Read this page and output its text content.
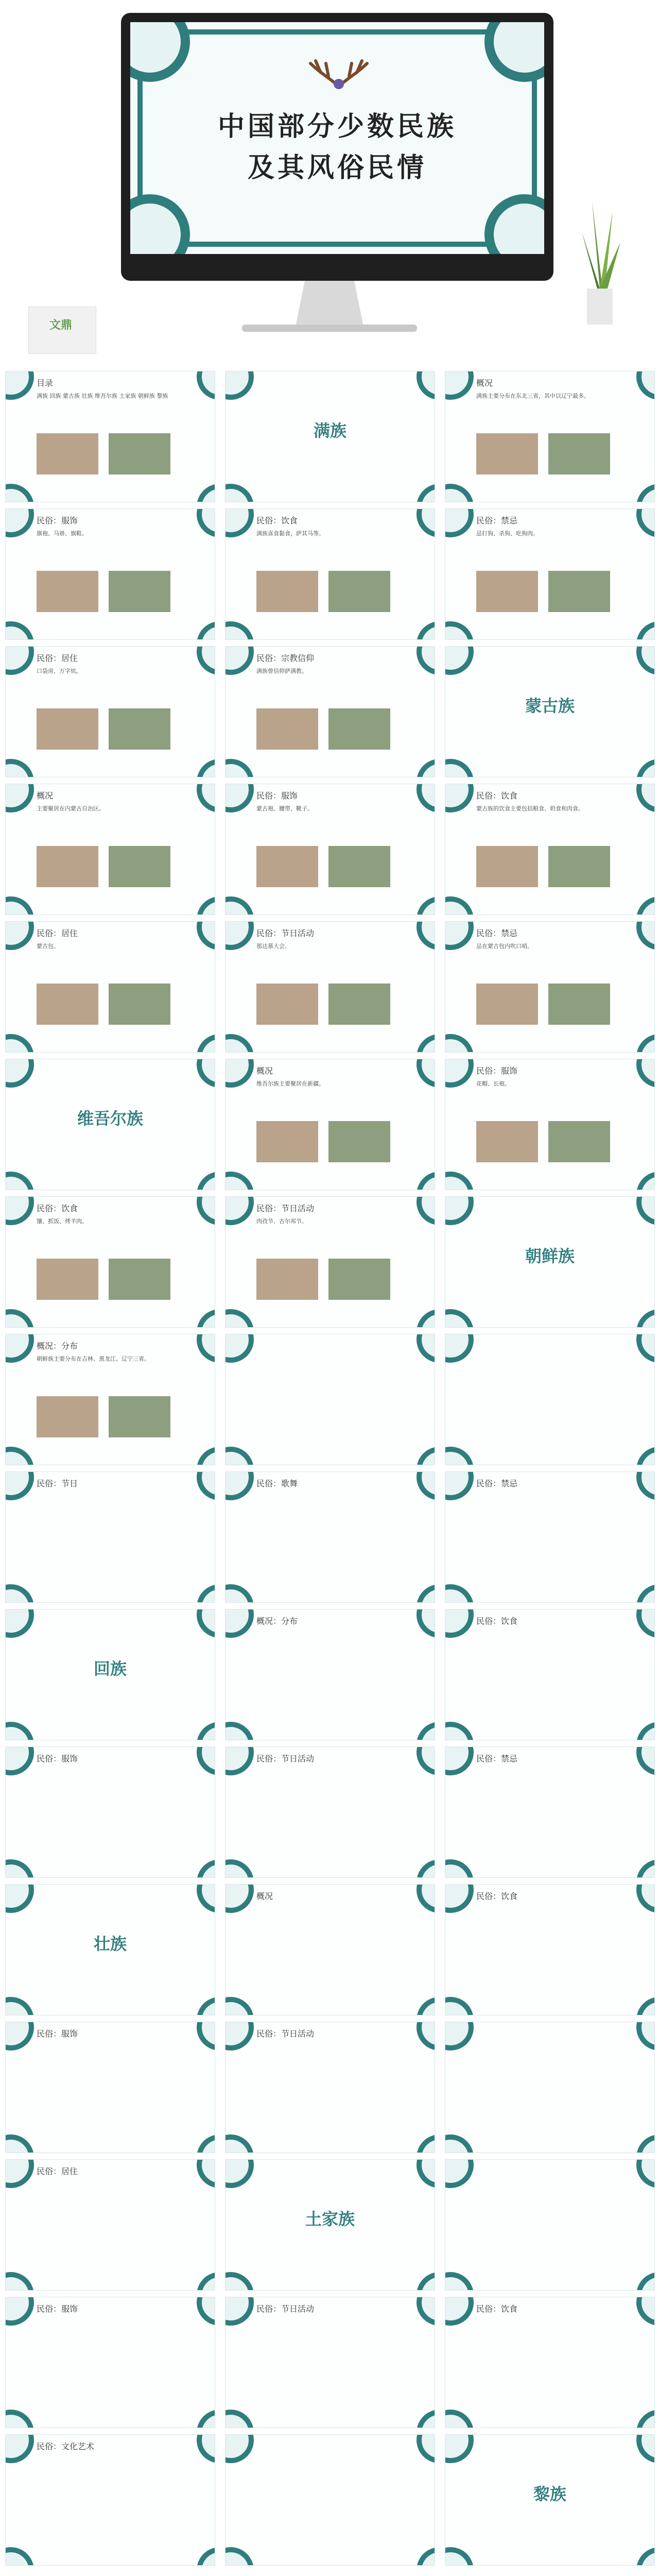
中国部分少数民族
及其风俗民情
文鼎
目录
满族 回族 蒙古族 壮族 维吾尔族 土家族 朝鲜族 黎族
满族
概况
满族主要分布在东北三省，其中以辽宁最多。
民俗：服饰
旗袍、马褂、旗鞋。
民俗：饮食
满族喜食黏食，萨其马等。
民俗：禁忌
忌打狗、杀狗、吃狗肉。
民俗：居住
口袋房、万字炕。
民俗：宗教信仰
满族曾信仰萨满教。
蒙古族
概况
主要聚居在内蒙古自治区。
民俗：服饰
蒙古袍、腰带、靴子。
民俗：饮食
蒙古族的饮食主要包括粮食、奶食和肉食。
民俗：居住
蒙古包。
民俗：节日活动
那达慕大会。
民俗：禁忌
忌在蒙古包内吹口哨。
维吾尔族
概况
维吾尔族主要聚居在新疆。
民俗：服饰
花帽、长袍。
民俗：饮食
馕、抓饭、烤羊肉。
民俗：节日活动
肉孜节、古尔邦节。
朝鲜族
概况：分布
朝鲜族主要分布在吉林、黑龙江、辽宁三省。
民俗：节日	民俗：歌舞	民俗：禁忌
回族
概况：分布	民俗：饮食
民俗：服饰	民俗：节日活动	民俗：禁忌
壮族
概况	民俗：饮食
民俗：服饰	民俗：节日活动
民俗：居住
土家族
民俗：服饰	民俗：节日活动	民俗：饮食
民俗：文化艺术
黎族
